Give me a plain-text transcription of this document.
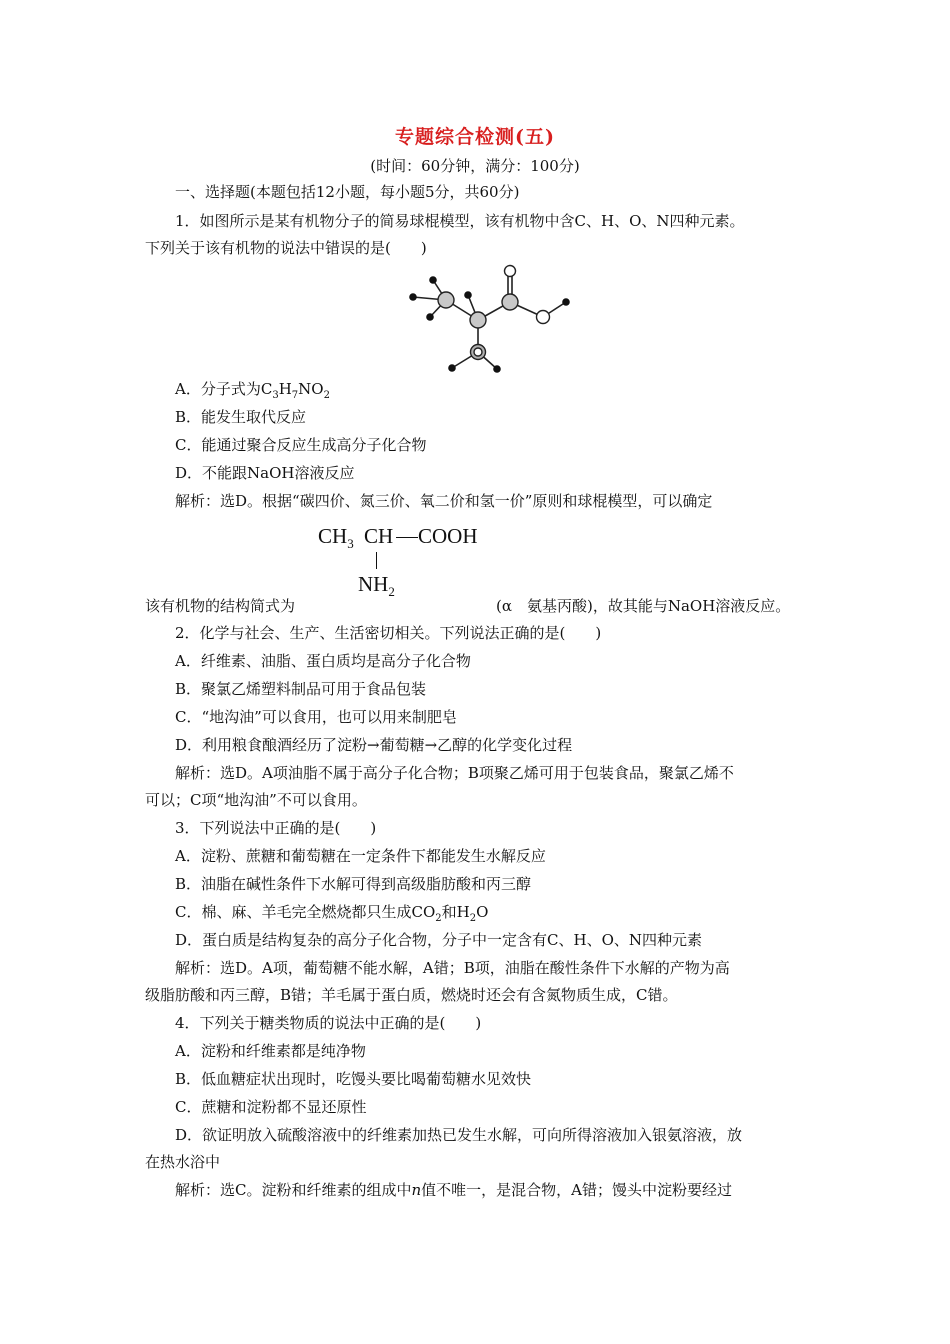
专题综合检测(五)
(时间：60分钟，满分：100分)
一、选择题(本题包括12小题，每小题5分，共60分)
1．如图所示是某有机物分子的简易球棍模型，该有机物中含C、H、O、N四种元素。
下列关于该有机物的说法中错误的是(　　)
A．分子式为$C_3H_7NO_2$
B．能发生取代反应
C．能通过聚合反应生成高分子化合物
D．不能跟NaOH溶液反应
解析：选D。根据“碳四价、氮三价、氧二价和氢一价”原则和球棍模型，可以确定
$CH_3$ CH COOH
$NH_2$
该有机物的结构简式为	(α　氨基丙酸)，故其能与NaOH溶液反应。
2．化学与社会、生产、生活密切相关。下列说法正确的是(　　)
A．纤维素、油脂、蛋白质均是高分子化合物
B．聚氯乙烯塑料制品可用于食品包装
C．“地沟油”可以食用，也可以用来制肥皂
D．利用粮食酿酒经历了淀粉→葡萄糖→乙醇的化学变化过程
解析：选D。A项油脂不属于高分子化合物；B项聚乙烯可用于包装食品，聚氯乙烯不
可以；C项“地沟油”不可以食用。
3．下列说法中正确的是(　　)
A．淀粉、蔗糖和葡萄糖在一定条件下都能发生水解反应
B．油脂在碱性条件下水解可得到高级脂肪酸和丙三醇
C．棉、麻、羊毛完全燃烧都只生成$CO_2$和$H_2O$
D．蛋白质是结构复杂的高分子化合物，分子中一定含有C、H、O、N四种元素
解析：选D。A项，葡萄糖不能水解，A错；B项，油脂在酸性条件下水解的产物为高
级脂肪酸和丙三醇，B错；羊毛属于蛋白质，燃烧时还会有含氮物质生成，C错。
4．下列关于糖类物质的说法中正确的是(　　)
A．淀粉和纤维素都是纯净物
B．低血糖症状出现时，吃馒头要比喝葡萄糖水见效快
C．蔗糖和淀粉都不显还原性
D．欲证明放入硫酸溶液中的纤维素加热已发生水解，可向所得溶液加入银氨溶液，放
在热水浴中
解析：选C。淀粉和纤维素的组成中n值不唯一，是混合物，A错；馒头中淀粉要经过
